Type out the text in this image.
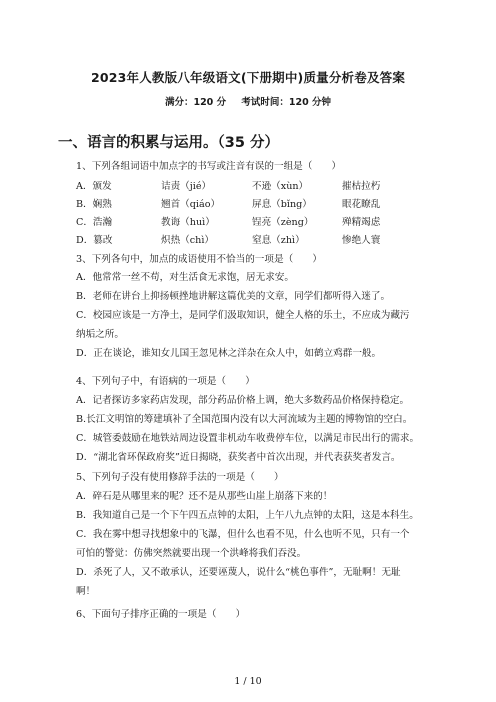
2023年人教版八年级语文(下册期中)质量分析卷及答案
满分：120 分 考试时间：120 分钟
一、语言的积累与运用。（35 分）
1、下列各组词语中加点字的书写或注音有误的一组是（　　）
A．颁发	诘责（jié）	不逊（xùn）	摧枯拉朽
B．娴熟	翘首（qiáo）	屏息（bǐng）	眼花瞭乱
C．浩瀚	教诲（huì）	锃亮（zèng）	殚精竭虑
D．篡改	炽热（chì）	窒息（zhì）	惨绝人寰
3、下列各句中，加点的成语使用不恰当的一项是（　　）
A．他常常一丝不苟，对生活食无求饱，居无求安。
B．老师在讲台上抑扬顿挫地讲解这篇优美的文章，同学们都听得入迷了。
C．校园应该是一方净土，是同学们汲取知识，健全人格的乐土，不应成为藏污
纳垢之所。
D．正在谈论，谁知女儿国王忽见林之洋杂在众人中，如鹤立鸡群一般。
4、下列句子中，有语病的一项是（　　）
A．记者探访多家药店发现，部分药品价格上调，绝大多数药品价格保持稳定。
B.长江文明馆的筹建填补了全国范围内没有以大河流域为主题的博物馆的空白。
C．城管委鼓励在地铁站周边设置非机动车收费停车位，以满足市民出行的需求。
D．“湖北省环保政府奖”近日揭晓，获奖者中首次出现，并代表获奖者发言。
5、下列句子没有使用修辞手法的一项是（　　）
A．碎石是从哪里来的呢？还不是从那些山崖上崩落下来的！
B．我知道自己是一个下午四五点钟的太阳，上午八九点钟的太阳，这是本科生。
C．我在雾中想寻找想象中的飞瀑，但什么也看不见，什么也听不见，只有一个
可怕的警觉：仿佛突然就要出现一个洪峰将我们吞没。
D．杀死了人，又不敢承认，还要诬蔑人，说什么“桃色事件”，无耻啊！无耻
啊！
6、下面句子排序正确的一项是（　　）
1 / 10
